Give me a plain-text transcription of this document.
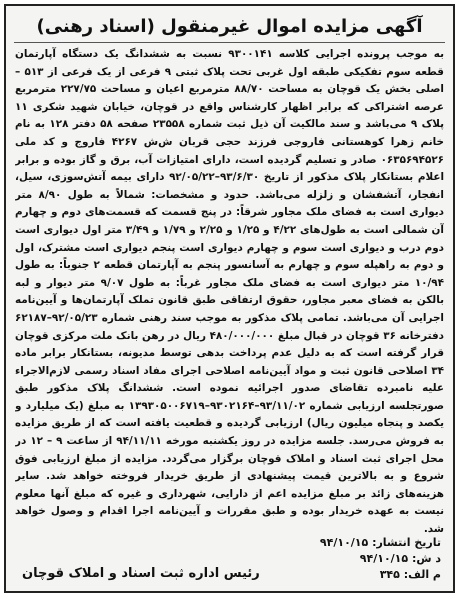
آگهی مزایده اموال غیرمنقول (اسناد رهنی)
به موجب پرونده اجرایی کلاسه ۹۳۰۰۱۴۱ نسبت به ششدانگ یک دستگاه آپارتمان قطعه سوم تفکیکی طبقه اول غربی تحت پلاک ثبتی ۹ فرعی از یک فرعی از ۵۱۳ – اصلی بخش یک قوچان به مساحت ۸۸/۷۰ مترمربع اعیان و مساحت ۲۲۷/۷۵ مترمربع عرصه اشتراکی که برابر اظهار کارشناس واقع در قوچان، خیابان شهید شکری ۱۱ پلاک ۹ می‌باشد و سند مالکیت آن ذیل ثبت شماره ۲۳۵۵۸ صفحه ۵۸ دفتر ۱۲۸ به نام خانم زهرا کوهستانی فاروجی فرزند حجی قربان ش‌ش ۴۲۶۷ فاروج و کد ملی ۰۶۳۵۶۹۴۵۲۶ صادر و تسلیم گردیده است، دارای امتیازات آب، برق و گاز بوده و برابر اعلام بستانکار پلاک مذکور از تاریخ ۹۳/۶/۳۰–۹۲/۰۵/۲۲ دارای بیمه آتش‌سوزی، سیل، انفجار، آتشفشان و زلزله می‌باشد. حدود و مشخصات: شمالاً به طول ۸/۹۰ متر دیواری است به فضای ملک مجاور شرقاً: در پنج قسمت که قسمت‌های دوم و چهارم آن شمالی است به طول‌های ۴/۲۲ و ۱/۲۵ و ۲/۲۵ و ۱/۷۹ و ۳/۴۹ متر اول دیواری است دوم درب و دیواری است سوم و چهارم دیواری است پنجم دیواری است مشترک، اول و دوم به راهپله سوم و چهارم به آسانسور پنجم به آپارتمان قطعه ۲ جنوباً: به طول ۱۰/۹۴ متر دیواری است به فضای ملک مجاور غرباً: به طول ۹/۰۷ متر دیوار و لبه بالکن به فضای معبر مجاور، حقوق ارتفاقی طبق قانون تملک آپارتمان‌ها و آیین‌نامه اجرایی آن می‌باشد. تمامی پلاک مذکور به موجب سند رهنی شماره ۹۲/۰۵/۲۳–۶۲۱۸۷ دفترخانه ۳۶ قوچان در قبال مبلغ ۴۸۰/۰۰۰/۰۰۰ ریال در رهن بانک ملت مرکزی قوچان قرار گرفته است که به دلیل عدم پرداخت بدهی توسط مدیونه، بستانکار برابر ماده ۳۴ اصلاحی قانون ثبت و مواد آیین‌نامه اصلاحی اجرای مفاد اسناد رسمی لازم‌الاجراء علیه نامبرده تقاضای صدور اجرائیه نموده است. ششدانگ پلاک مذکور طبق صورتجلسه ارزیابی شماره ۹۳/۱۱/۰۲–۹۳۰۲۱۶۴–۱۳۹۳۰۵۰۰۶۷۱۹ به مبلغ (یک میلیارد و یکصد و پنجاه میلیون ریال) ارزیابی گردیده و قطعیت یافته است که از طریق مزایده به فروش می‌رسد. جلسه مزایده در روز یکشنبه مورخه ۹۴/۱۱/۱۱ از ساعت ۹ – ۱۲ در محل اجرای ثبت اسناد و املاک قوچان برگزار می‌گردد. مزایده از مبلغ ارزیابی فوق شروع و به بالاترین قیمت پیشنهادی از طریق خریدار فروخته خواهد شد. سایر هزینه‌های زائد بر مبلغ مزایده اعم از دارایی، شهرداری و غیره که مبلغ آنها معلوم نیست به عهده خریدار بوده و طبق مقررات و آیین‌نامه اجرا اقدام و وصول خواهد شد.
تاریخ انتشار: ۹۴/۱۰/۱۵
د ش: ۹۴/۱۰/۱۵
م الف: ۳۴۵
رئیس اداره ثبت اسناد و املاک قوچان
